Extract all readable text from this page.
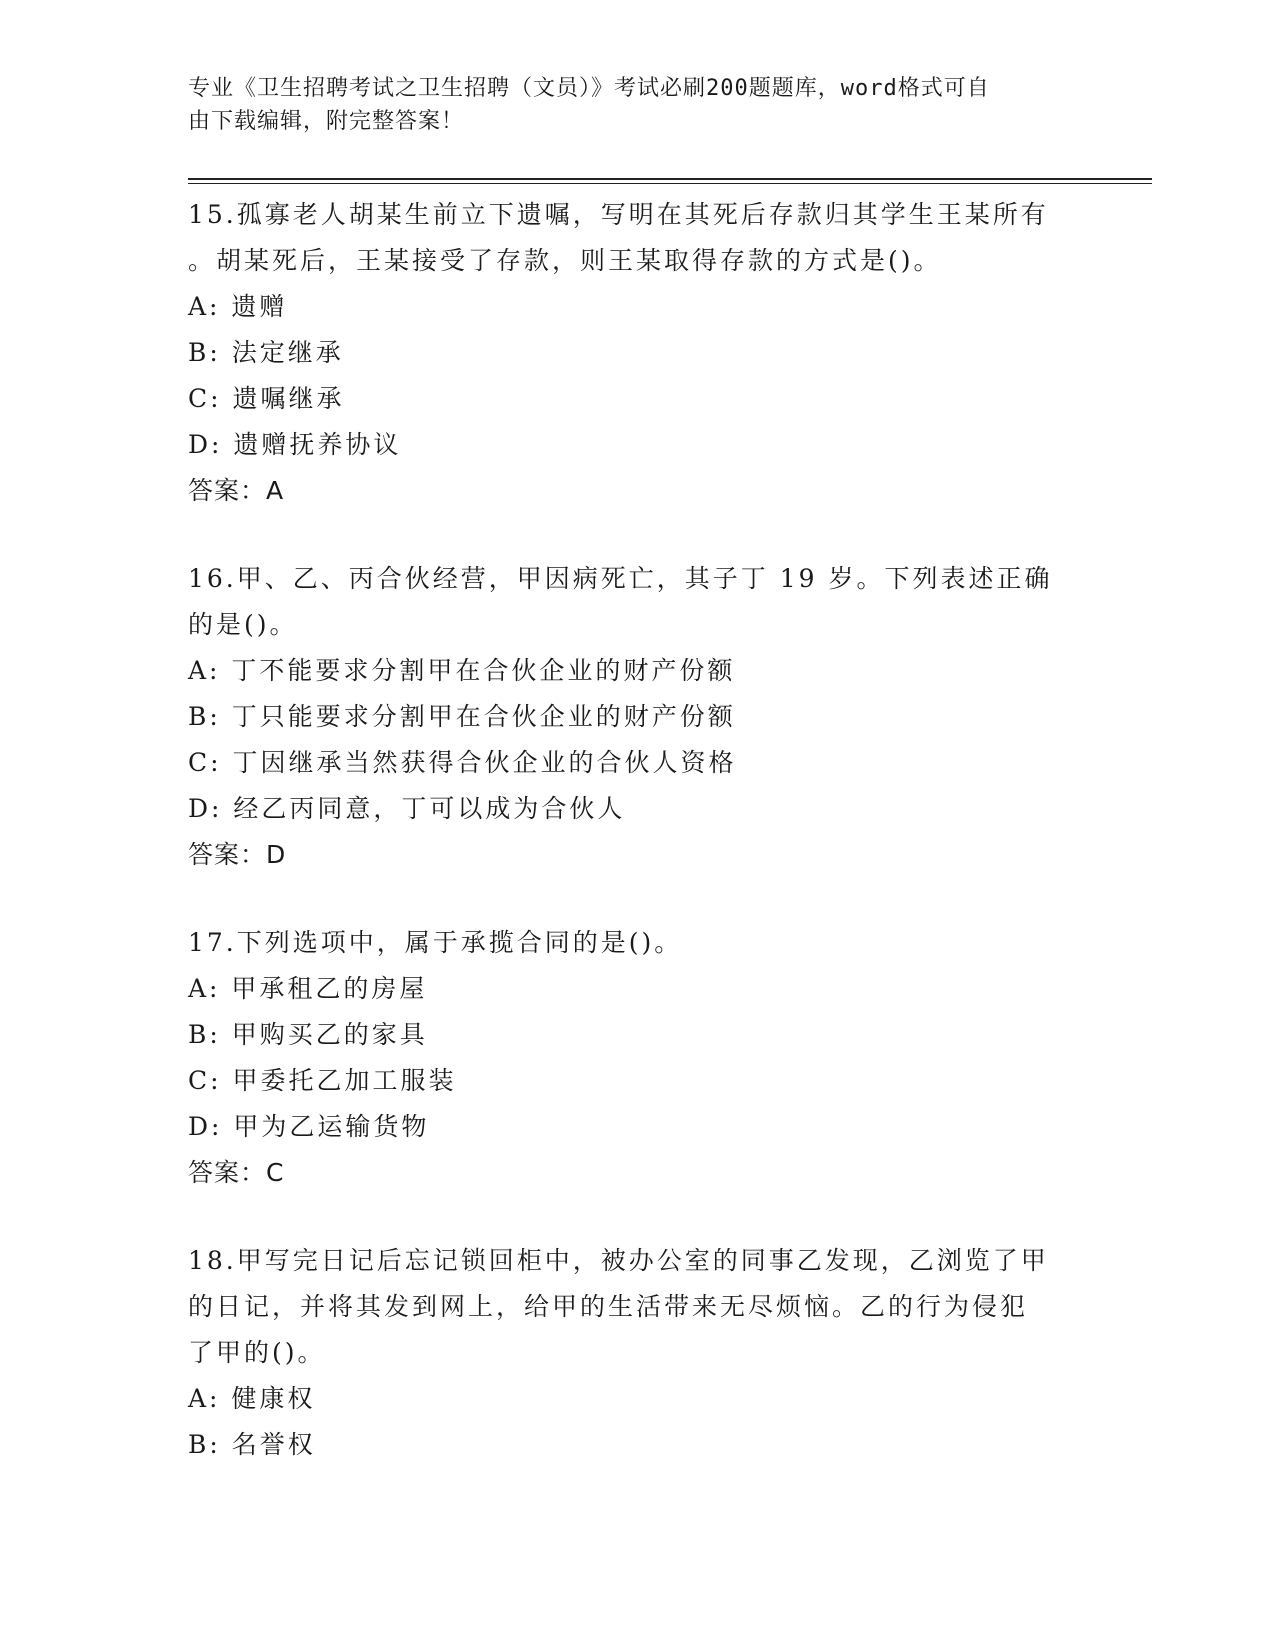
专业《卫生招聘考试之卫生招聘（文员）》考试必刷200题题库，word格式可自
由下载编辑，附完整答案！
15.孤寡老人胡某生前立下遗嘱，写明在其死后存款归其学生王某所有
。胡某死后，王某接受了存款，则王某取得存款的方式是()。
A: 遗赠
B: 法定继承
C: 遗嘱继承
D: 遗赠抚养协议
答案：A
16.甲、乙、丙合伙经营，甲因病死亡，其子丁 19 岁。下列表述正确
的是()。
A: 丁不能要求分割甲在合伙企业的财产份额
B: 丁只能要求分割甲在合伙企业的财产份额
C: 丁因继承当然获得合伙企业的合伙人资格
D: 经乙丙同意，丁可以成为合伙人
答案：D
17.下列选项中，属于承揽合同的是()。
A: 甲承租乙的房屋
B: 甲购买乙的家具
C: 甲委托乙加工服装
D: 甲为乙运输货物
答案：C
18.甲写完日记后忘记锁回柜中，被办公室的同事乙发现，乙浏览了甲
的日记，并将其发到网上，给甲的生活带来无尽烦恼。乙的行为侵犯
了甲的()。
A: 健康权
B: 名誉权
